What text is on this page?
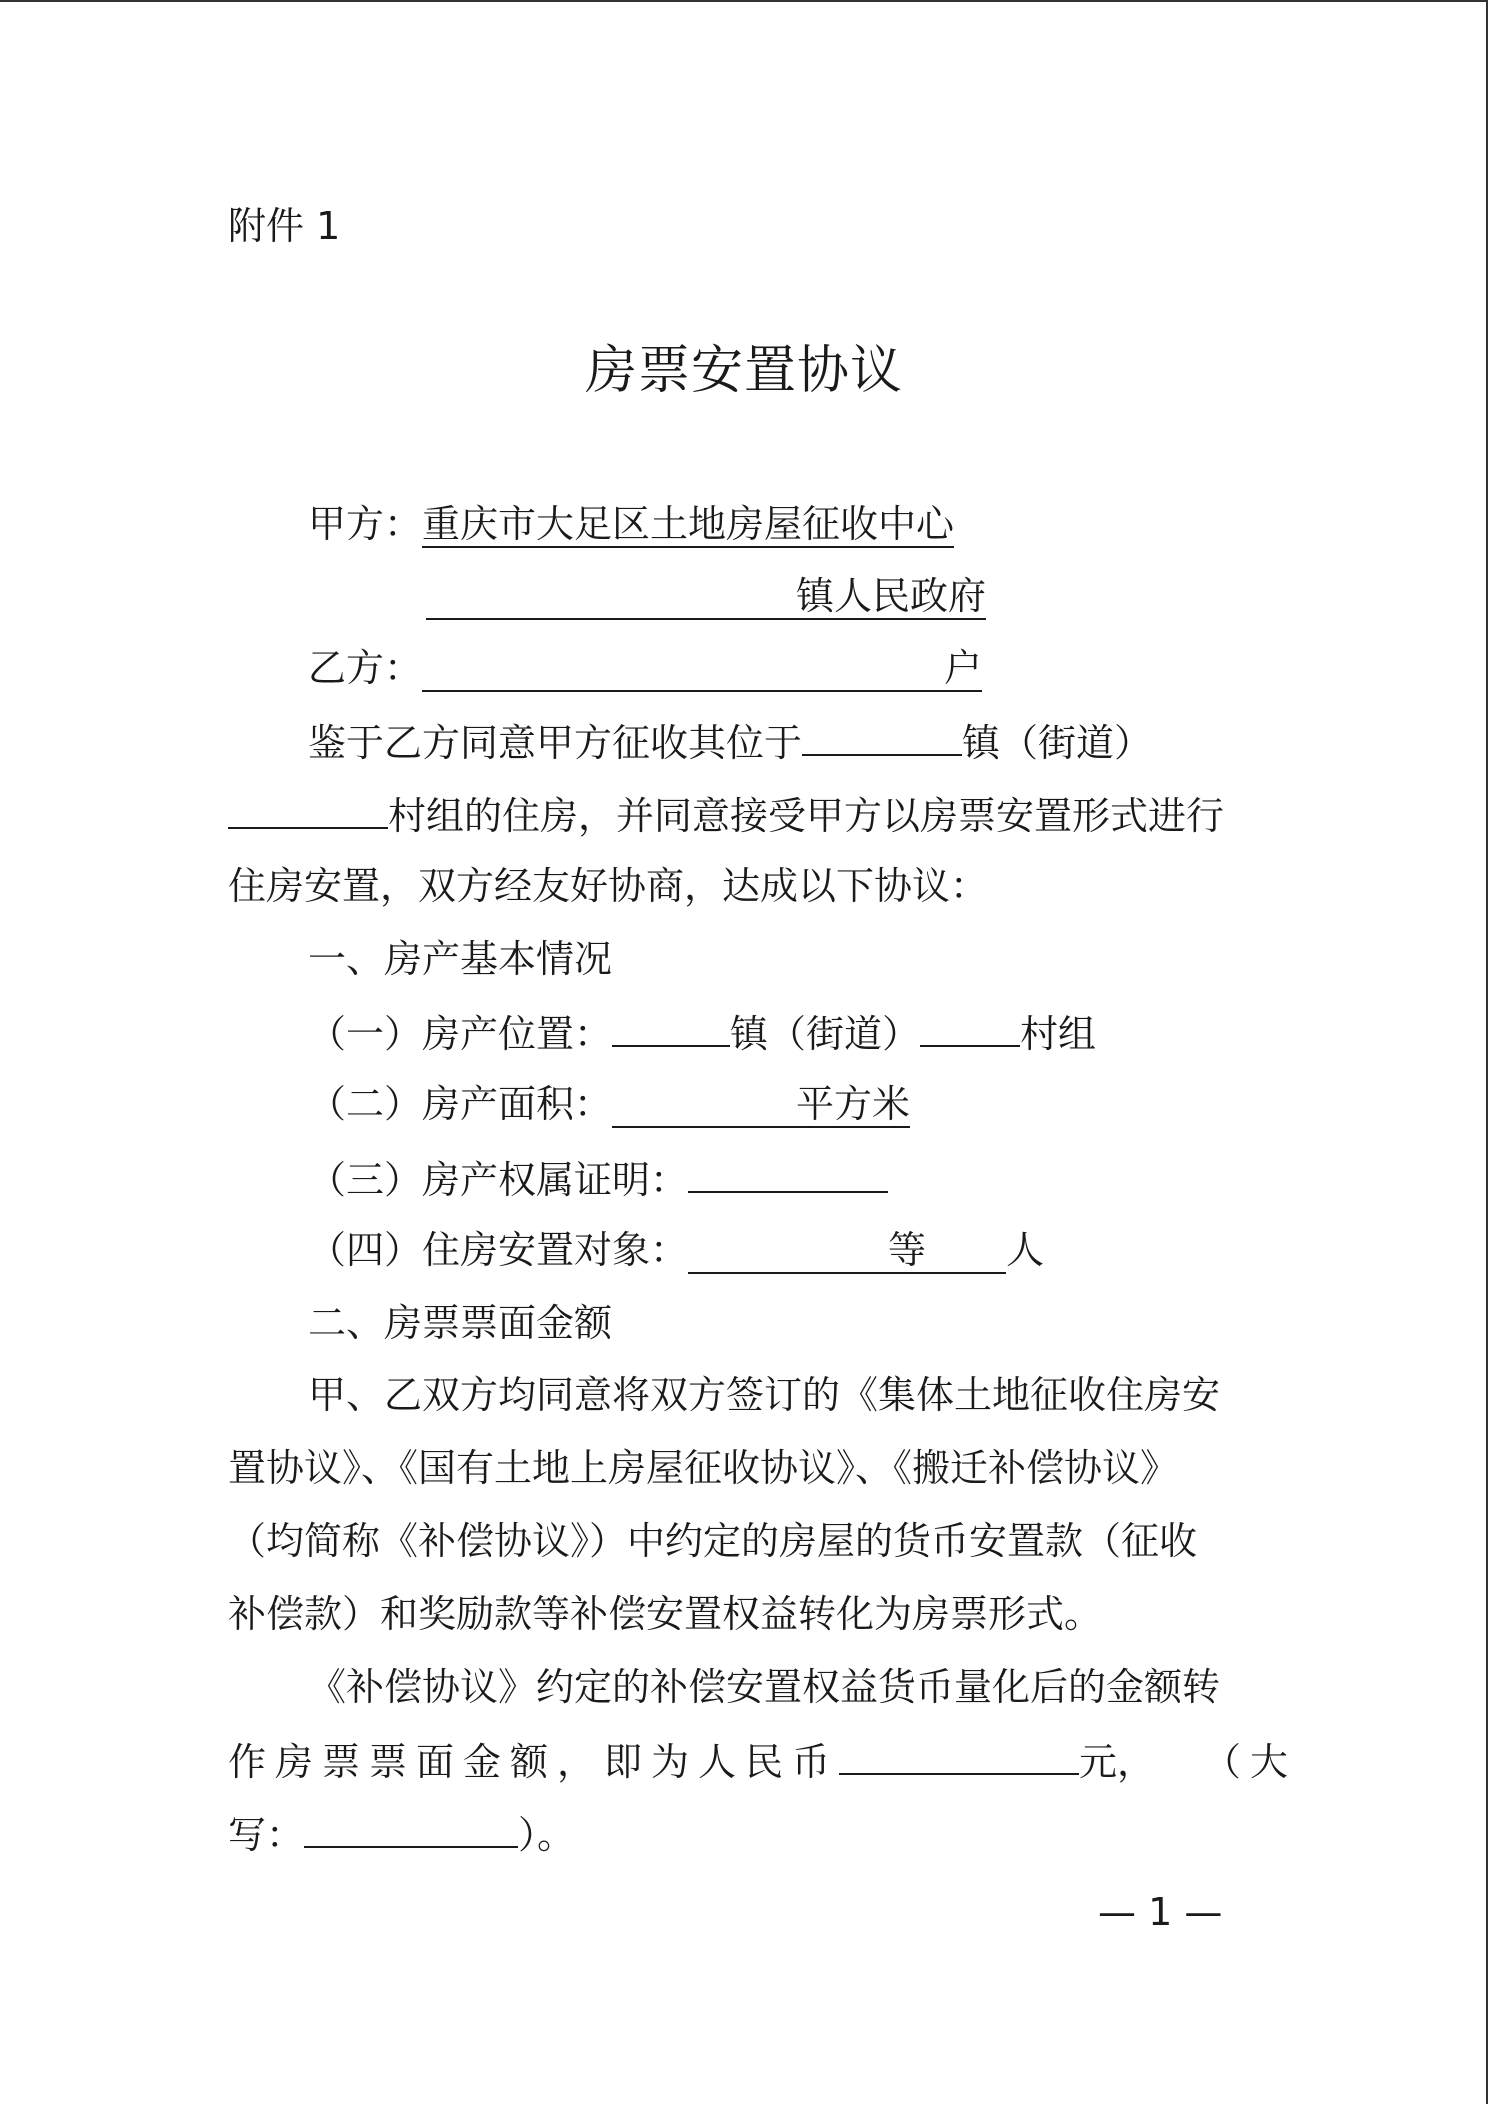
附件 1
房票安置协议
甲方：重庆市大足区土地房屋征收中心
镇人民政府
乙方：	户
鉴于乙方同意甲方征收其位于	镇（街道）
村组的住房，并同意接受甲方以房票安置形式进行
住房安置，双方经友好协商，达成以下协议：
一、房产基本情况
（一）房产位置：	镇（街道）	村组
（二）房产面积：	平方米
（三）房产权属证明：
（四）住房安置对象：	等 人
二、房票票面金额
甲、乙双方均同意将双方签订的《集体土地征收住房安
置协议》、《国有土地上房屋征收协议》、《搬迁补偿协议》
（均简称《补偿协议》）中约定的房屋的货币安置款（征收
补偿款）和奖励款等补偿安置权益转化为房票形式。
《补偿协议》约定的补偿安置权益货币量化后的金额转
作房票票面金额，即为人民币	元， （大
写：	）。
— 1 —
